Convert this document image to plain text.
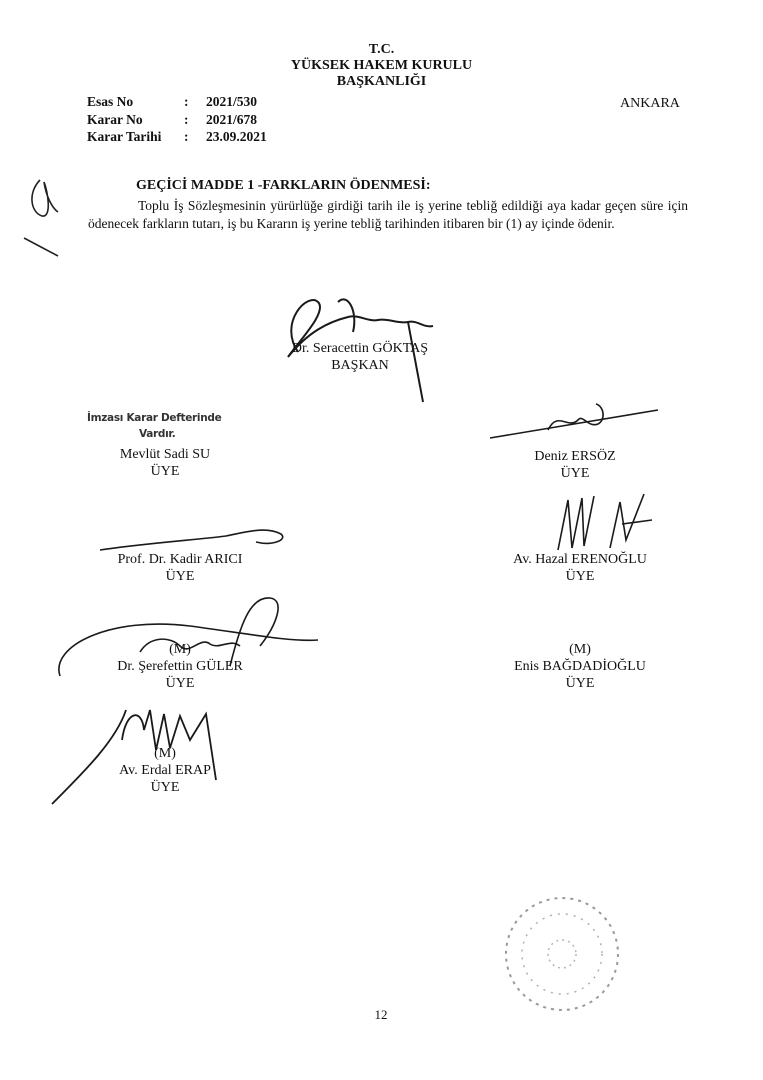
T.C.
YÜKSEK HAKEM KURULU
BAŞKANLIĞI
Esas No	: 2021/530
Karar No	: 2021/678
Karar Tarihi : 23.09.2021
ANKARA
GEÇİCİ MADDE 1 -FARKLARIN ÖDENMESİ:
Toplu İş Sözleşmesinin yürürlüğe girdiği tarih ile iş yerine tebliğ edildiği aya kadar geçen süre için ödenecek farkların tutarı, iş bu Kararın iş yerine tebliğ tarihinden itibaren bir (1) ay içinde ödenir.
Dr. Seracettin GÖKTAŞ
BAŞKAN
İmzası Karar Defterinde
Vardır.
Mevlüt Sadi SU
ÜYE
Deniz ERSÖZ
ÜYE
Prof. Dr. Kadir ARICI
ÜYE
Av. Hazal ERENOĞLU
ÜYE
(M)
Dr. Şerefettin GÜLER
ÜYE
(M)
Enis BAĞDADİOĞLU
ÜYE
(M)
Av. Erdal ERAP
ÜYE
12
